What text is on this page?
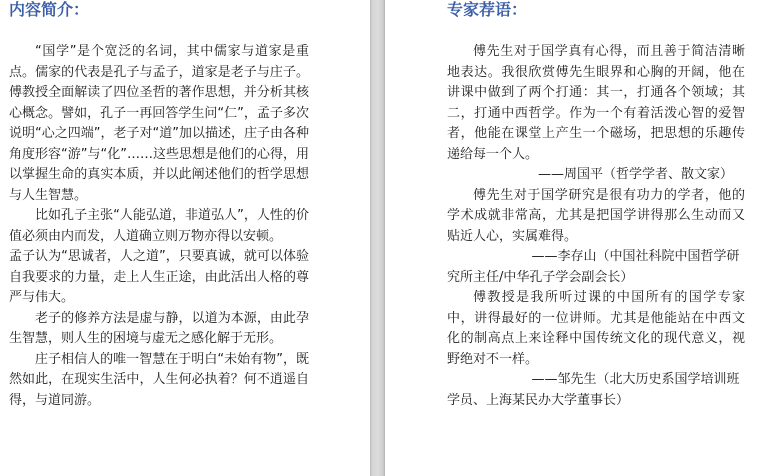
内容简介：

“国学”是个宽泛的名词，其中儒家与道家是重点。儒家的代表是孔子与孟子，道家是老子与庄子。傅教授全面解读了四位圣哲的著作思想，并分析其核心概念。譬如，孔子一再回答学生问“仁”，孟子多次说明“心之四端”，老子对“道”加以描述，庄子由各种角度形容“游”与“化”……这些思想是他们的心得，用以掌握生命的真实本质，并以此阐述他们的哲学思想与人生智慧。

比如孔子主张“人能弘道，非道弘人”，人性的价值必须由内而发，人道确立则万物亦得以安顿。

孟子认为“思诚者，人之道”，只要真诚，就可以体验自我要求的力量，走上人生正途，由此活出人格的尊严与伟大。

老子的修养方法是虚与静，以道为本源，由此孕生智慧，则人生的困境与虚无之感化解于无形。

庄子相信人的唯一智慧在于明白“未始有物”，既然如此，在现实生活中，人生何必执着？何不逍遥自得，与道同游。

专家荐语：

傅先生对于国学真有心得，而且善于简洁清晰地表达。我很欣赏傅先生眼界和心胸的开阔，他在讲课中做到了两个打通：其一，打通各个领域；其二，打通中西哲学。作为一个有着活泼心智的爱智者，他能在课堂上产生一个磁场，把思想的乐趣传递给每一个人。

——周国平（哲学学者、散文家）

傅先生对于国学研究是很有功力的学者，他的学术成就非常高，尤其是把国学讲得那么生动而又贴近人心，实属难得。

——李存山（中国社科院中国哲学研究所主任/中华孔子学会副会长）

傅教授是我所听过课的中国所有的国学专家中，讲得最好的一位讲师。尤其是他能站在中西文化的制高点上来诠释中国传统文化的现代意义，视野绝对不一样。

——邹先生（北大历史系国学培训班学员、上海某民办大学董事长）
